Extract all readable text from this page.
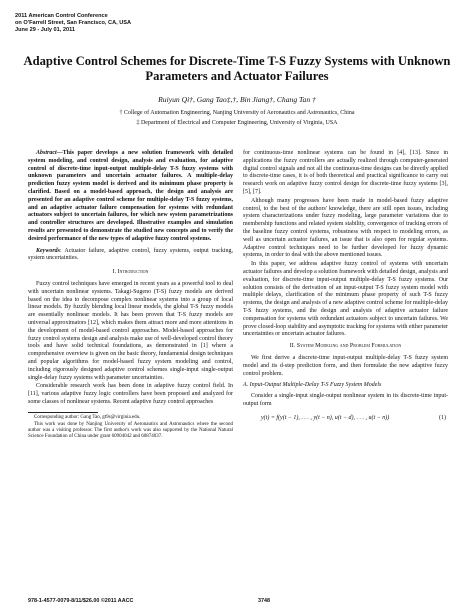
2011 American Control Conference
on O'Farrell Street, San Francisco, CA, USA
June 29 - July 01, 2011
Adaptive Control Schemes for Discrete-Time T-S Fuzzy Systems with Unknown Parameters and Actuator Failures
Ruiyun Qi†, Gang Tao‡,†, Bin Jiang†, Chang Tan †
† College of Automation Engineering, Nanjing University of Aeronautics and Astronautics, China
‡ Department of Electrical and Computer Engineering, University of Virginia, USA

Abstract—This paper develops a new solution framework with detailed system modeling, and control design, analysis and evaluation, for adaptive control of discrete-time input-output multiple-delay T-S fuzzy systems with unknown parameters and uncertain actuator failures. A multiple-delay prediction fuzzy system model is derived and its minimum phase property is clarified. Based on a model-based approach, the design and analysis are presented for an adaptive control scheme for multiple-delay T-S fuzzy systems, and an adaptive actuator failure compensation for systems with redundant actuators subject to uncertain failures, for which new system parametrizations and controller structures are developed. Illustrative examples and simulation results are presented to demonstrate the studied new concepts and to verify the desired performance of the new types of adaptive fuzzy control systems.

Keywords: Actuator failure, adaptive control, fuzzy systems, output tracking, system uncertainties.

I. Introduction

Fuzzy control techniques have emerged in recent years as a powerful tool to deal with uncertain nonlinear systems. Takagi-Sugeno (T-S) fuzzy models are derived based on the idea to decompose complex nonlinear systems into a group of local linear models. By fuzzily blending local linear models, the global T-S fuzzy models are essentially nonlinear models. It has been proven that T-S fuzzy models are universal approximators [12], which makes them attract more and more attentions in the development of model-based control approaches. Model-based approaches for fuzzy control systems design and analysis make use of well-developed control theory tools and have solid technical foundations, as demonstrated in [1] where a comprehensive overview is given on the basic theory, fundamental design techniques and popular algorithms for model-based fuzzy system modeling and control, including rigorously designed adaptive control schemes single-input single-output single-delay fuzzy systems with parameter uncertainties.

Considerable research work has been done in adaptive fuzzy control field. In [11], various adaptive fuzzy logic controllers have been proposed and analyzed for some classes of nonlinear systems. Recent adaptive fuzzy control approaches

Corresponding author: Gang Tao, gt9s@virginia.edu.

This work was done by Nanjing University of Aeronautics and Astronautics where the second author was a visiting professor. The first author's work was also supported by the National Natural Science Foundation of China under grant 60904042 and 60874037.

for continuous-time nonlinear systems can be found in [4], [13]. Since in applications the fuzzy controllers are actually realized through computer-generated digital control signals and not all the continuous-time designs can be directly applied to discrete-time cases, it is of both theoretical and practical significance to carry out research work on adaptive fuzzy control design for discrete-time fuzzy systems [3], [5], [7].

Although many progresses have been made in model-based fuzzy adaptive control, to the best of the authors' knowledge, there are still open issues, including system characterizations under fuzzy modeling, large parameter variations due to membership functions and related system stability, convergence of tracking errors of the baseline fuzzy control systems, robustness with respect to modeling errors, as well as uncertain actuator failures, an issue that is also open for regular systems. Adaptive control techniques need to be further developed for fuzzy dynamic systems, in order to deal with the above mentioned issues.

In this paper, we address adaptive fuzzy control of systems with uncertain actuator failures and develop a solution framework with detailed design, analysis and evaluation, for discrete-time input-output multiple-delay T-S fuzzy systems. Our solution consists of the derivation of an input-output T-S fuzzy system model with multiple delays, clarification of the minimum phase property of such T-S fuzzy systems, the design and analysis of a new adaptive control scheme for multiple-delay T-S fuzzy systems, and the design and analysis of adaptive actuator failure compensation for systems with redundant actuators subject to uncertain failures. We prove closed-loop stability and asymptotic tracking for systems with either parameter uncertainties or uncertain actuator failures.

II. System Modeling and Problem Formulation

We first derive a discrete-time input-output multiple-delay T-S fuzzy system model and its d-step prediction form, and then formulate the new adaptive fuzzy control problem.

A. Input-Output Multiple-Delay T-S Fuzzy System Models

Consider a single-input single-output nonlinear system in its discrete-time input-output form

y(t) = f(y(t − 1), . . . , y(t − n), u(t − d), . . . , u(t − n))	(1)
978-1-4577-0079-8/11/$26.00 ©2011 AACC	3748
